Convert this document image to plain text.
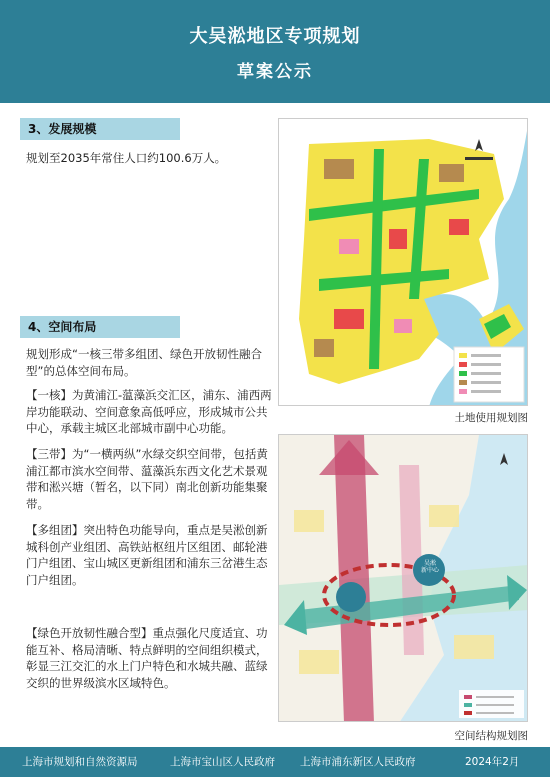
大吴淞地区专项规划
草案公示
3、发展规模
规划至2035年常住人口约100.6万人。
4、空间布局
规划形成“一核三带多组团、绿色开放韧性融合型”的总体空间布局。
【一核】为黄浦江-蕰藻浜交汇区，浦东、浦西两岸功能联动、空间意象高低呼应，形成城市公共中心，承载主城区北部城市副中心功能。
【三带】为“一横两纵”水绿交织空间带，包括黄浦江都市滨水空间带、蕰藻浜东西文化艺术景观带和淞兴塘（暂名，以下同）南北创新功能集聚带。
【多组团】突出特色功能导向，重点是吴淞创新城科创产业组团、高铁站枢纽片区组团、邮轮港门户组团、宝山城区更新组团和浦东三岔港生态门户组团。
【绿色开放韧性融合型】重点强化尺度适宜、功能互补、格局清晰、特点鲜明的空间组织模式，彰显三江交汇的水上门户特色和水城共融、蓝绿交织的世界级滨水区域特色。
土地使用规划图
吴淞
新中心
空间结构规划图
上海市规划和自然资源局	上海市宝山区人民政府 上海市浦东新区人民政府	2024年2月
